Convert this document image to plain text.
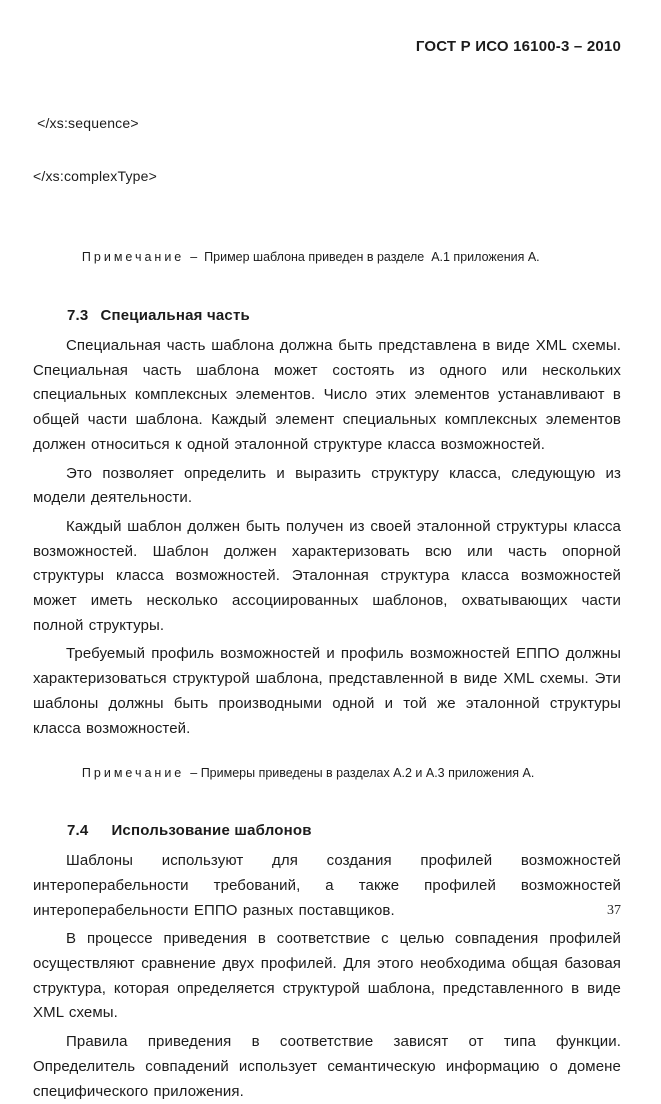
ГОСТ Р ИСО 16100-3 – 2010

</xs:sequence>

</xs:complexType>

Примечание –  Пример шаблона приведен в разделе  А.1 приложения А.

7.3 Специальная часть

Специальная часть шаблона должна быть представлена в виде XML схемы. Специальная часть шаблона может состоять из одного или нескольких специальных комплексных элементов. Число этих элементов устанавливают в общей части шаблона. Каждый элемент специальных комплексных элементов должен относиться к одной эталонной структуре класса возможностей.

Это позволяет определить и выразить структуру класса, следующую из модели деятельности.

Каждый шаблон должен быть получен из своей эталонной структуры класса возможностей. Шаблон должен характеризовать всю или часть опорной структуры класса возможностей. Эталонная структура класса возможностей может иметь несколько ассоциированных шаблонов, охватывающих части полной структуры.

Требуемый профиль возможностей и профиль возможностей ЕППО должны характеризоваться структурой шаблона, представленной в виде XML схемы. Эти шаблоны должны быть производными одной и той же эталонной структуры класса возможностей.

Примечание – Примеры приведены в разделах А.2 и А.3 приложения А.

7.4 Использование шаблонов

Шаблоны используют для создания профилей возможностей интероперабельности требований, а также профилей возможностей интероперабельности ЕППО разных поставщиков.

В процессе приведения в соответствие с целью совпадения профилей осуществляют сравнение двух профилей. Для этого необходима общая базовая структура, которая определяется структурой шаблона, представленного в виде XML схемы.

Правила приведения в соответствие зависят от типа функции. Определитель совпадений использует семантическую информацию о домене специфического приложения.

37
